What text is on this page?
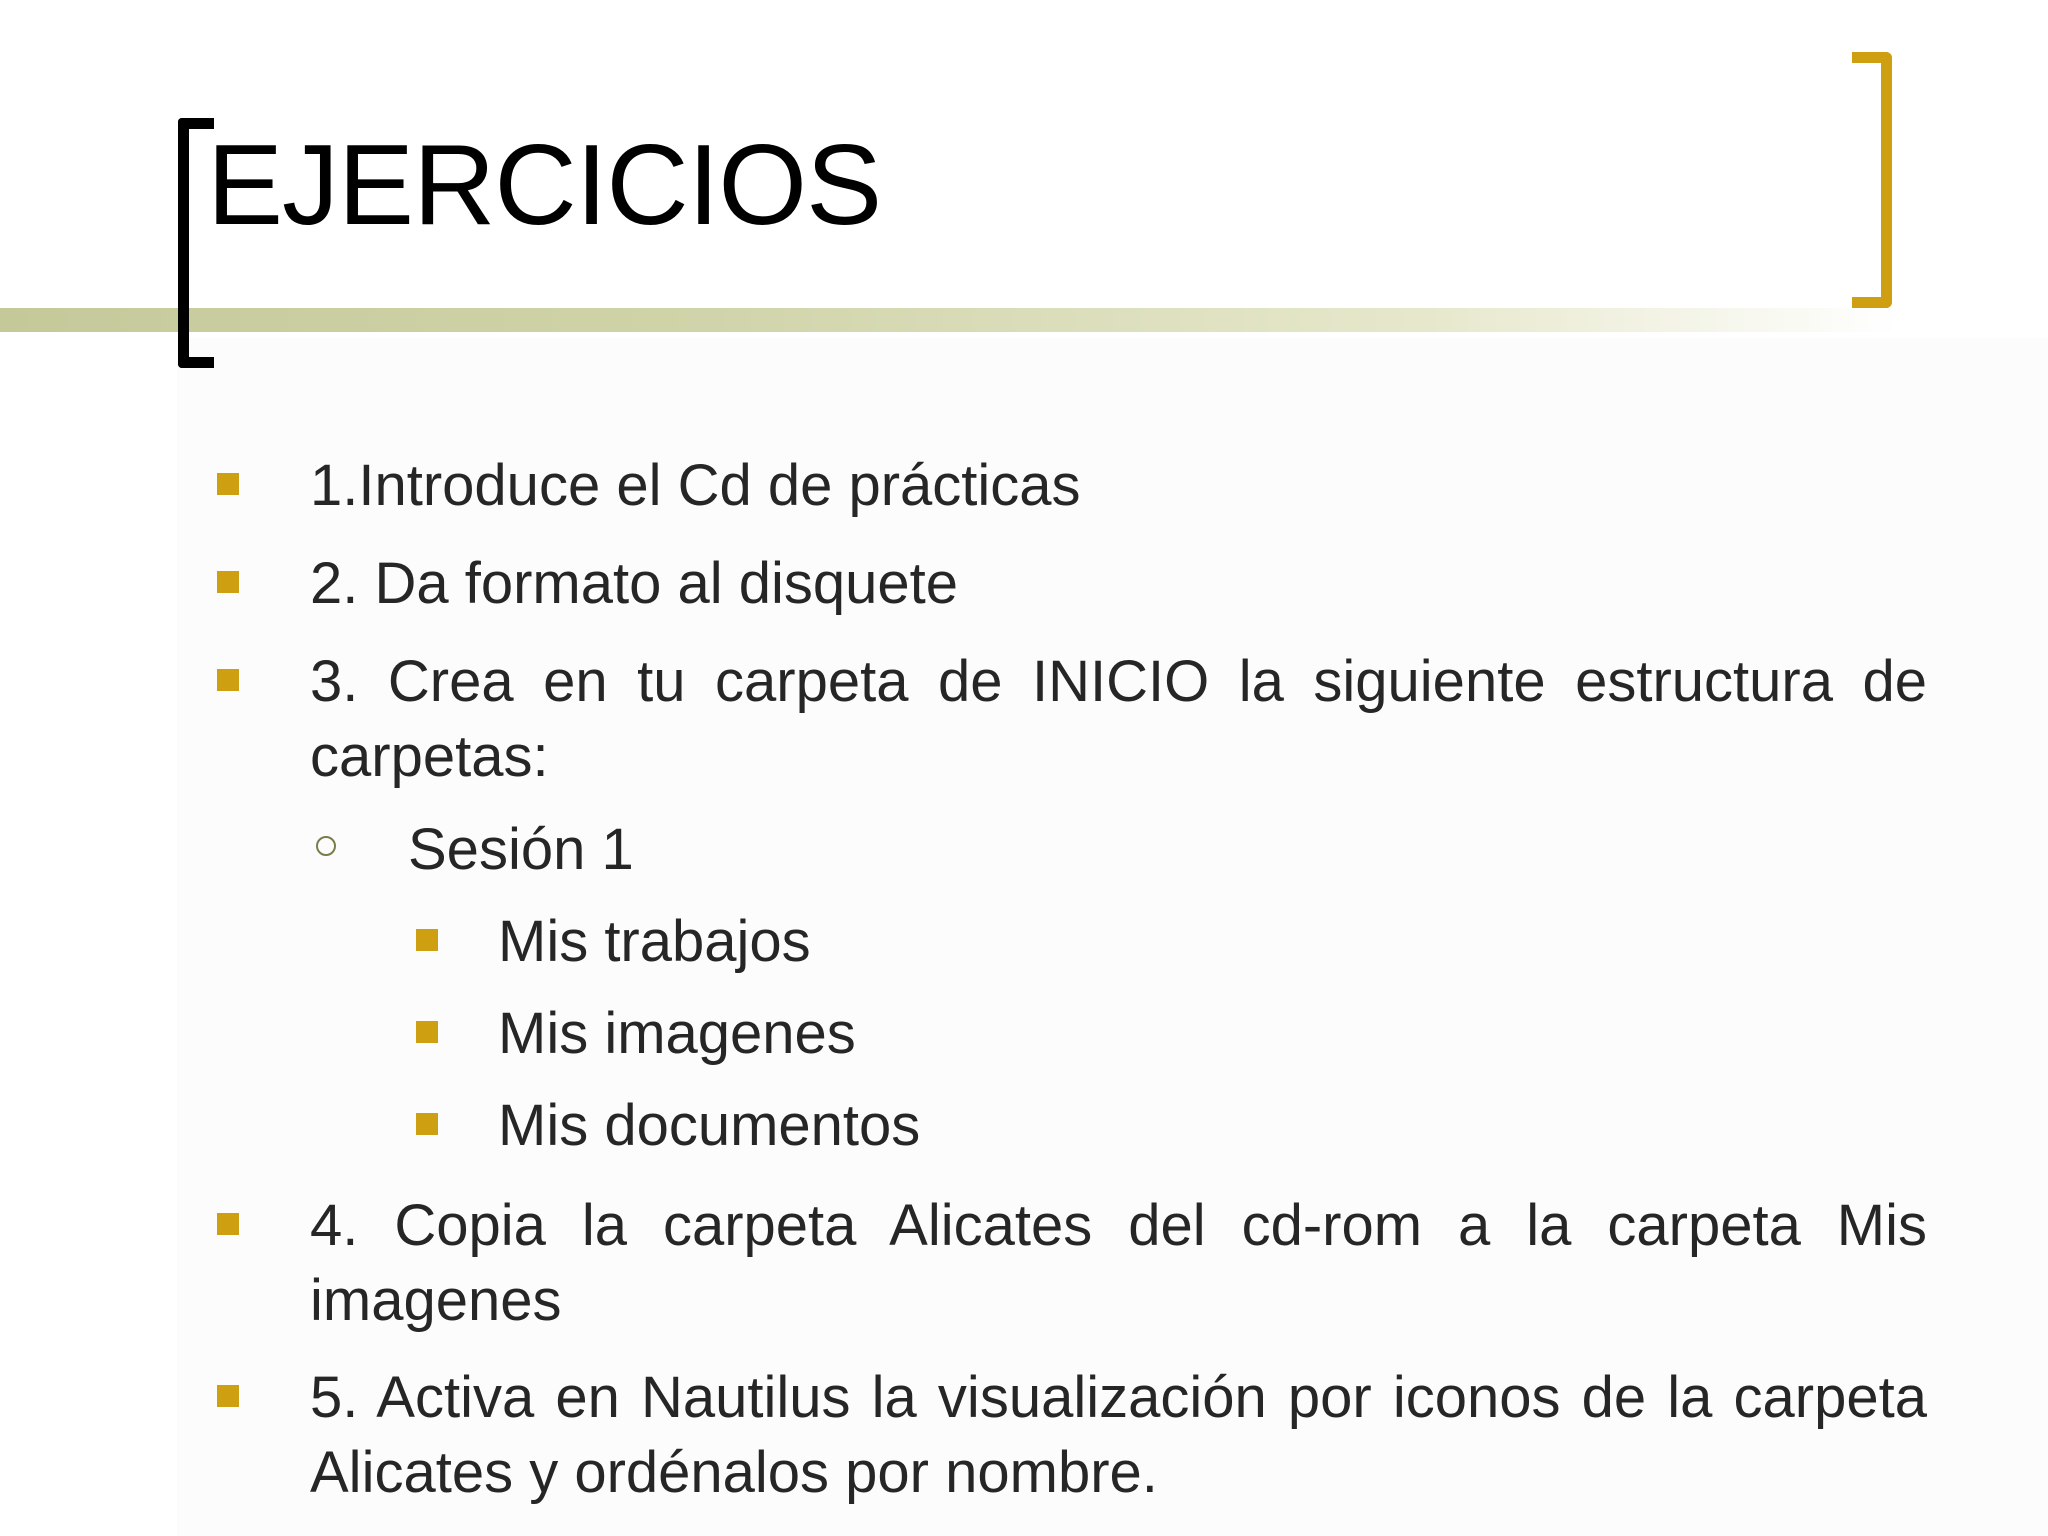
EJERCICIOS
1.Introduce el Cd de prácticas
2. Da formato al disquete
3. Crea en tu carpeta de INICIO la siguiente estructura de carpetas:
Sesión 1
Mis trabajos
Mis imagenes
Mis documentos
4. Copia la carpeta Alicates del cd-rom a la carpeta Mis imagenes
5. Activa en Nautilus la visualización por iconos de la carpeta Alicates y ordénalos por nombre.
